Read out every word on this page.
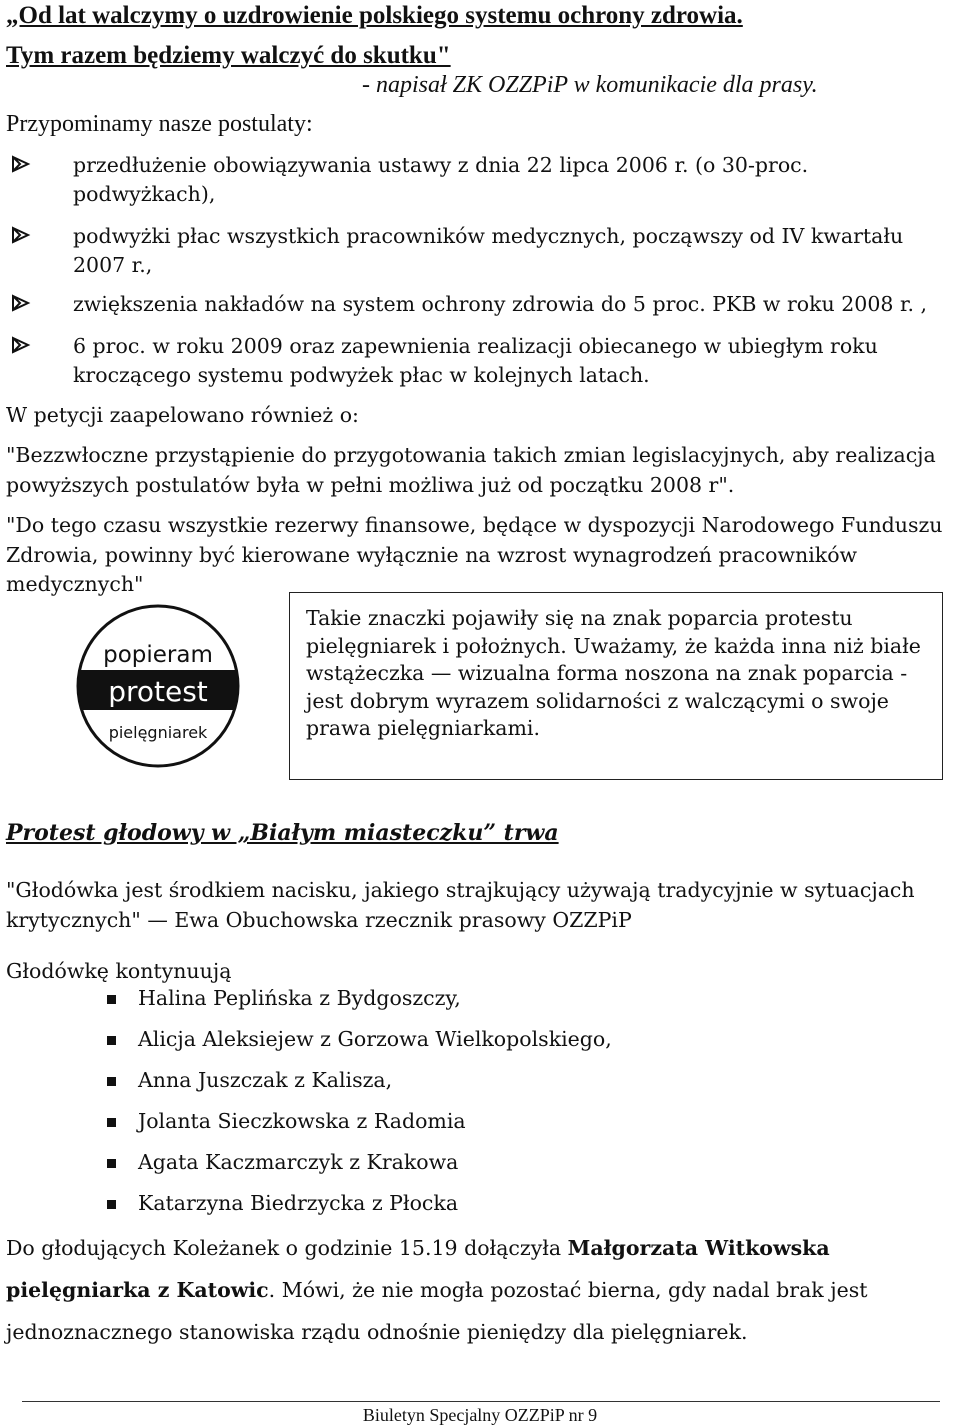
„Od lat walczymy o uzdrowienie polskiego systemu ochrony zdrowia.
Tym razem będziemy walczyć do skutku"
- napisał ZK OZZPiP w komunikacie dla prasy.
Przypominamy nasze postulaty:
przedłużenie obowiązywania ustawy z dnia 22 lipca 2006 r. (o 30-proc. podwyżkach),
podwyżki płac wszystkich pracowników medycznych, począwszy od IV kwartału 2007 r.,
zwiększenia nakładów na system ochrony zdrowia do 5 proc. PKB w roku 2008 r. ,
6 proc. w roku 2009 oraz zapewnienia realizacji obiecanego w ubiegłym roku kroczącego systemu podwyżek płac w kolejnych latach.
W petycji zaapelowano również o:
"Bezzwłoczne przystąpienie do przygotowania takich zmian legislacyjnych, aby realizacja powyższych postulatów była w pełni możliwa już od początku 2008 r".
"Do tego czasu wszystkie rezerwy finansowe, będące w dyspozycji Narodowego Funduszu Zdrowia, powinny być kierowane wyłącznie na wzrost wynagrodzeń pracowników medycznych"
popieram
protest
pielęgniarek
Takie znaczki pojawiły się na znak poparcia protestu pielęgniarek i położnych. Uważamy, że każda inna niż białe wstążeczka — wizualna forma noszona na znak poparcia - jest dobrym wyrazem solidarności z walczącymi o swoje prawa pielęgniarkami.
Protest głodowy w „Białym miasteczku” trwa
"Głodówka jest środkiem nacisku, jakiego strajkujący używają tradycyjnie w sytuacjach krytycznych" — Ewa Obuchowska rzecznik prasowy OZZPiP
Głodówkę kontynuują
Halina Peplińska z Bydgoszczy,
Alicja Aleksiejew z Gorzowa Wielkopolskiego,
Anna Juszczak z Kalisza,
Jolanta Sieczkowska z Radomia
Agata Kaczmarczyk z Krakowa
Katarzyna Biedrzycka z Płocka
Do głodujących Koleżanek o godzinie 15.19 dołączyła Małgorzata Witkowska
pielęgniarka z Katowic. Mówi, że nie mogła pozostać bierna, gdy nadal brak jest
jednoznacznego stanowiska rządu odnośnie pieniędzy dla pielęgniarek.
Biuletyn Specjalny OZZPiP nr 9
